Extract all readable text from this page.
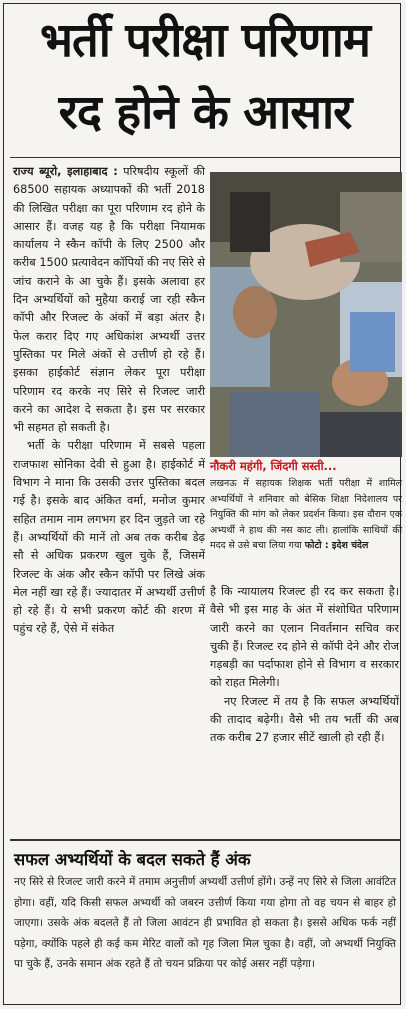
भर्ती परीक्षा परिणाम
रद होने के आसार

राज्य ब्यूरो, इलाहाबाद : परिषदीय स्कूलों की 68500 सहायक अध्यापकों की भर्ती 2018 की लिखित परीक्षा का पूरा परिणाम रद होने के आसार हैं। वजह यह है कि परीक्षा नियामक कार्यालय ने स्कैन कॉपी के लिए 2500 और करीब 1500 प्रत्यावेदन कॉपियों की नए सिरे से जांच कराने के आ चुके हैं। इसके अलावा हर दिन अभ्यर्थियों को मुहैया कराई जा रही स्कैन कॉपी और रिजल्ट के अंकों में बड़ा अंतर है। फेल करार दिए गए अधिकांश अभ्यर्थी उत्तर पुस्तिका पर मिले अंकों से उत्तीर्ण हो रहे हैं। इसका हाईकोर्ट संज्ञान लेकर पूरा परीक्षा परिणाम रद करके नए सिरे से रिजल्ट जारी करने का आदेश दे सकता है। इस पर सरकार भी सहमत हो सकती है।

भर्ती के परीक्षा परिणाम में सबसे पहला राजफाश सोनिका देवी से हुआ है। हाईकोर्ट में विभाग ने माना कि उसकी उत्तर पुस्तिका बदल गई है। इसके बाद अंकित वर्मा, मनोज कुमार सहित तमाम नाम लगभग हर दिन जुड़ते जा रहे हैं। अभ्यर्थियों की मानें तो अब तक करीब डेढ़ सौ से अधिक प्रकरण खुल चुके हैं, जिसमें रिजल्ट के अंक और स्कैन कॉपी पर लिखे अंक मेल नहीं खा रहे हैं। ज्यादातर में अभ्यर्थी उत्तीर्ण हो रहे हैं। ये सभी प्रकरण कोर्ट की शरण में पहुंच रहे हैं, ऐसे में संकेत

नौकरी महंगी, जिंदगी सस्ती...
लखनऊ में सहायक शिक्षक भर्ती परीक्षा में शामिल अभ्यर्थियों ने शनिवार को बेसिक शिक्षा निदेशालय पर नियुक्ति की मांग को लेकर प्रदर्शन किया। इस दौरान एक अभ्यर्थी ने हाथ की नस काट ली। हालांकि साथियों की मदद से उसे बचा लिया गया फोटो : इदेश चंदेल

है कि न्यायालय रिजल्ट ही रद कर सकता है। वैसे भी इस माह के अंत में संशोधित परिणाम जारी करने का एलान निवर्तमान सचिव कर चुकी हैं। रिजल्ट रद होने से कॉपी देने और रोज गड़बड़ी का पर्दाफाश होने से विभाग व सरकार को राहत मिलेगी।

नए रिजल्ट में तय है कि सफल अभ्यर्थियों की तादाद बढ़ेगी। वैसे भी तय भर्ती की अब तक करीब 27 हजार सीटें खाली हो रही हैं।

सफल अभ्यर्थियों के बदल सकते हैं अंक
नए सिरे से रिजल्ट जारी करने में तमाम अनुत्तीर्ण अभ्यर्थी उत्तीर्ण होंगे। उन्हें नए सिरे से जिला आवंटित होगा। वहीं, यदि किसी सफल अभ्यर्थी को जबरन उत्तीर्ण किया गया होगा तो वह चयन से बाहर हो जाएगा। उसके अंक बदलते हैं तो जिला आवंटन ही प्रभावित हो सकता है। इससे अधिक फर्क नहीं पड़ेगा, क्योंकि पहले ही कई कम मेरिट वालों को गृह जिला मिल चुका है। वहीं, जो अभ्यर्थी नियुक्ति पा चुके हैं, उनके समान अंक रहते हैं तो चयन प्रक्रिया पर कोई असर नहीं पड़ेगा।
